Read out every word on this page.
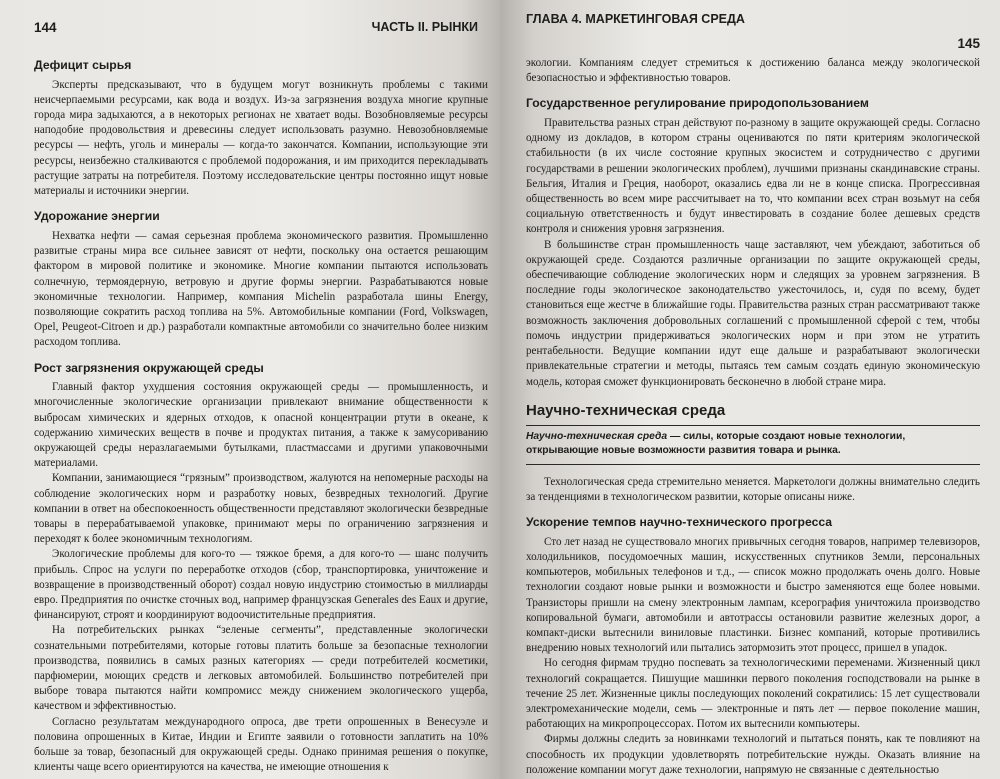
144	ЧАСТЬ II. РЫНКИ
Дефицит сырья

Эксперты предсказывают, что в будущем могут возникнуть проблемы с такими неисчерпаемыми ресурсами, как вода и воздух. Из-за загрязнения воздуха многие крупные города мира задыхаются, а в некоторых регионах не хватает воды. Возобновляемые ресурсы наподобие продовольствия и древесины следует использовать разумно. Невозобновляемые ресурсы — нефть, уголь и минералы — когда-то закончатся. Компании, использующие эти ресурсы, неизбежно сталкиваются с проблемой подорожания, и им приходится перекладывать растущие затраты на потребителя. Поэтому исследовательские центры постоянно ищут новые материалы и источники энергии.

Удорожание энергии

Нехватка нефти — самая серьезная проблема экономического развития. Промышленно развитые страны мира все сильнее зависят от нефти, поскольку она остается решающим фактором в мировой политике и экономике. Многие компании пытаются использовать солнечную, термоядерную, ветровую и другие формы энергии. Разрабатываются новые экономичные технологии. Например, компания Michelin разработала шины Energy, позволяющие сократить расход топлива на 5%. Автомобильные компании (Ford, Volkswagen, Opel, Peugeot-Citroen и др.) разработали компактные автомобили со значительно более низким расходом топлива.

Рост загрязнения окружающей среды

Главный фактор ухудшения состояния окружающей среды — промышленность, и многочисленные экологические организации привлекают внимание общественности к выбросам химических и ядерных отходов, к опасной концентрации ртути в океане, к содержанию химических веществ в почве и продуктах питания, а также к замусориванию окружающей среды неразлагаемыми бутылками, пластмассами и другими упаковочными материалами.

Компании, занимающиеся “грязным” производством, жалуются на непомерные расходы на соблюдение экологических норм и разработку новых, безвредных технологий. Другие компании в ответ на обеспокоенность общественности представляют экологически безвредные товары в перерабатываемой упаковке, принимают меры по ограничению загрязнения и переходят к более экономичным технологиям.

Экологические проблемы для кого-то — тяжкое бремя, а для кого-то — шанс получить прибыль. Спрос на услуги по переработке отходов (сбор, транспортировка, уничтожение и возвращение в производственный оборот) создал новую индустрию стоимостью в миллиарды евро. Предприятия по очистке сточных вод, например французская Generales des Eaux и другие, финансируют, строят и координируют водоочистительные предприятия.

На потребительских рынках “зеленые сегменты”, представленные экологически сознательными потребителями, которые готовы платить больше за безопасные технологии производства, появились в самых разных категориях — среди потребителей косметики, парфюмерии, моющих средств и легковых автомобилей. Большинство потребителей при выборе товара пытаются найти компромисс между снижением экологического ущерба, качеством и эффективностью.

Согласно результатам международного опроса, две трети опрошенных в Венесуэле и половина опрошенных в Китае, Индии и Египте заявили о готовности заплатить на 10% больше за товар, безопасный для окружающей среды. Однако принимая решения о покупке, клиенты чаще всего ориентируются на качества, не имеющие отношения к

ГЛАВА 4. МАРКЕТИНГОВАЯ СРЕДА
145

экологии. Компаниям следует стремиться к достижению баланса между экологической безопасностью и эффективностью товаров.

Государственное регулирование природопользованием

Правительства разных стран действуют по-разному в защите окружающей среды. Согласно одному из докладов, в котором страны оцениваются по пяти критериям экологической стабильности (в их числе состояние крупных экосистем и сотрудничество с другими государствами в решении экологических проблем), лучшими признаны скандинавские страны. Бельгия, Италия и Греция, наоборот, оказались едва ли не в конце списка. Прогрессивная общественность во всем мире рассчитывает на то, что компании всех стран возьмут на себя социальную ответственность и будут инвестировать в создание более дешевых средств контроля и снижения уровня загрязнения.

В большинстве стран промышленность чаще заставляют, чем убеждают, заботиться об окружающей среде. Создаются различные организации по защите окружающей среды, обеспечивающие соблюдение экологических норм и следящих за уровнем загрязнения. В последние годы экологическое законодательство ужесточилось, и, судя по всему, будет становиться еще жестче в ближайшие годы. Правительства разных стран рассматривают также возможность заключения добровольных соглашений с промышленной сферой с тем, чтобы помочь индустрии придерживаться экологических норм и при этом не утратить рентабельности. Ведущие компании идут еще дальше и разрабатывают экологически привлекательные стратегии и методы, пытаясь тем самым создать единую экономическую модель, которая сможет функционировать бесконечно в любой стране мира.

Научно-техническая среда
Научно-техническая среда — силы, которые создают новые технологии, открывающие новые возможности развития товара и рынка.

Технологическая среда стремительно меняется. Маркетологи должны внимательно следить за тенденциями в технологическом развитии, которые описаны ниже.

Ускорение темпов научно-технического прогресса

Сто лет назад не существовало многих привычных сегодня товаров, например телевизоров, холодильников, посудомоечных машин, искусственных спутников Земли, персональных компьютеров, мобильных телефонов и т.д., — список можно продолжать очень долго. Новые технологии создают новые рынки и возможности и быстро заменяются еще более новыми. Транзисторы пришли на смену электронным лампам, ксерография уничтожила производство копировальной бумаги, автомобили и автотрассы остановили развитие железных дорог, а компакт-диски вытеснили виниловые пластинки. Бизнес компаний, которые противились внедрению новых технологий или пытались затормозить этот процесс, пришел в упадок.

Но сегодня фирмам трудно поспевать за технологическими переменами. Жизненный цикл технологий сокращается. Пишущие машинки первого поколения господствовали на рынке в течение 25 лет. Жизненные циклы последующих поколений сократились: 15 лет существовали электромеханические модели, семь — электронные и пять лет — первое поколение машин, работающих на микропроцессорах. Потом их вытеснили компьютеры.

Фирмы должны следить за новинками технологий и пытаться понять, как те повлияют на способность их продукции удовлетворять потребительские нужды. Оказать влияние на положение компании могут даже технологии, напрямую не связанные с деятельностью
